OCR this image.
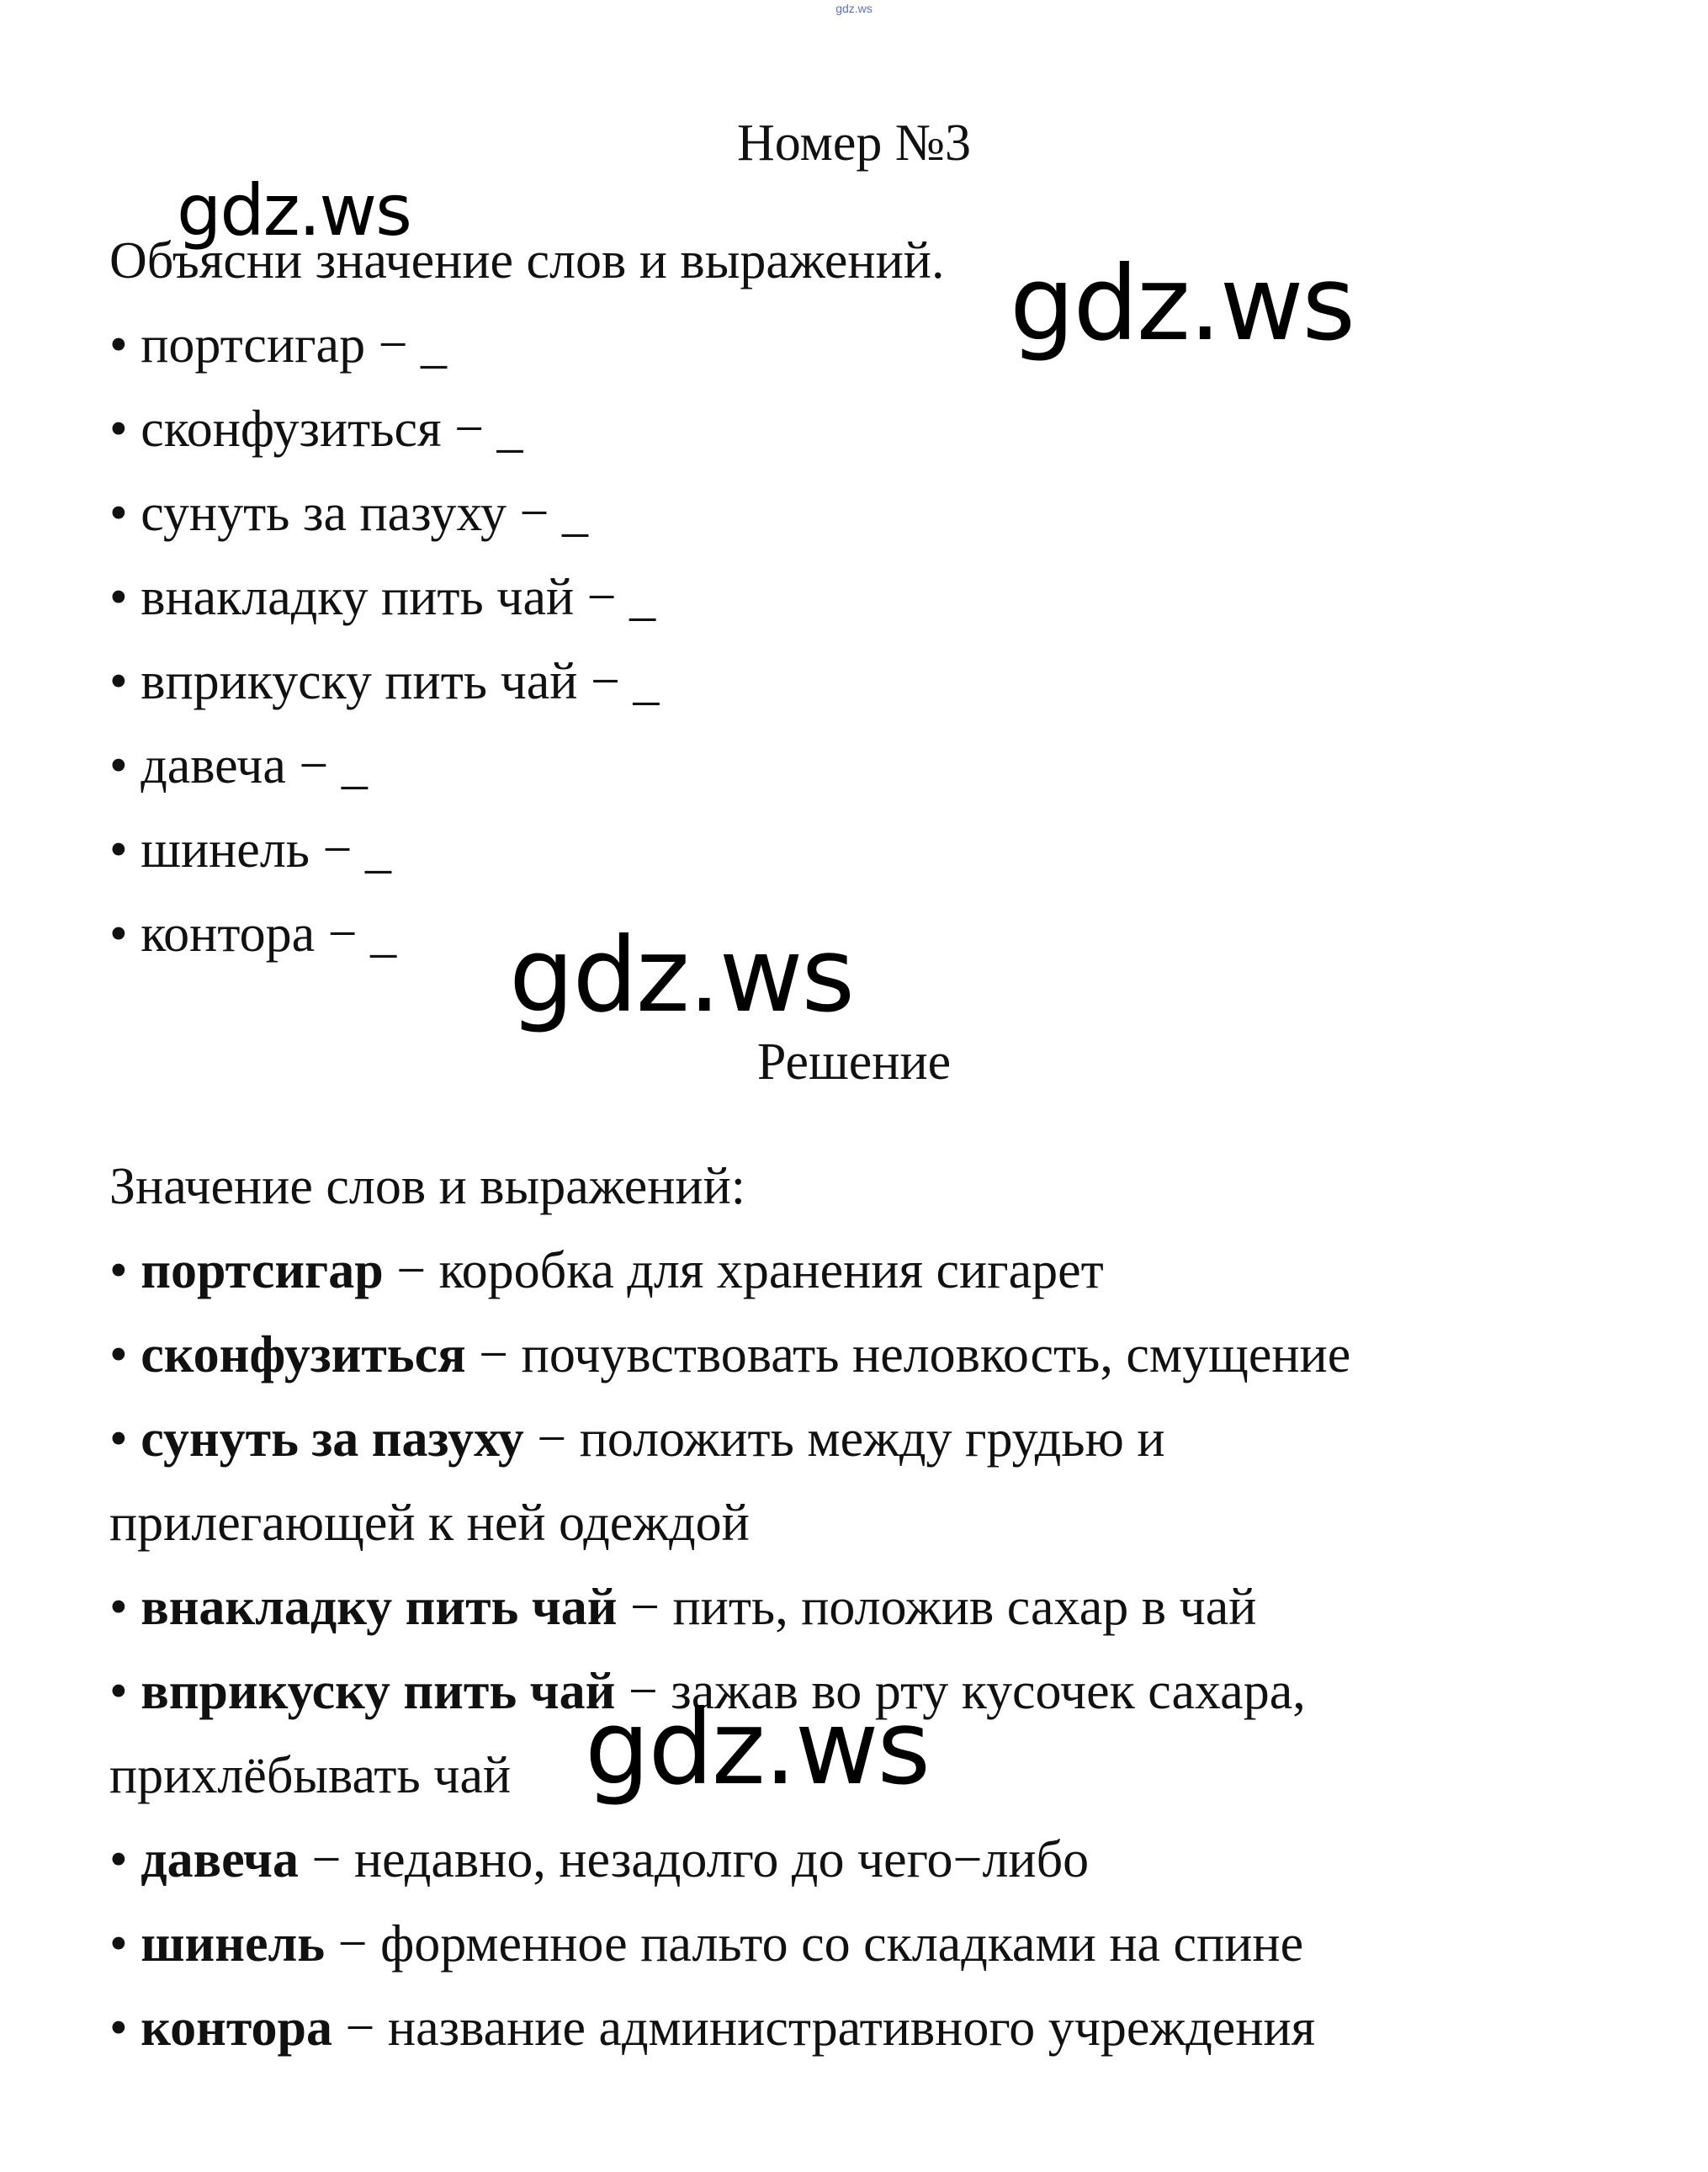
gdz.ws
Номер №3
Объясни значение слов и выражений.
• портсигар − _
• сконфузиться − _
• сунуть за пазуху − _
• внакладку пить чай − _
• вприкуску пить чай − _
• давеча − _
• шинель − _
• контора − _
Решение
Значение слов и выражений:
• портсигар − коробка для хранения сигарет
• сконфузиться − почувствовать неловкость, смущение
• сунуть за пазуху − положить между грудью и
прилегающей к ней одеждой
• внакладку пить чай − пить, положив сахар в чай
• вприкуску пить чай − зажав во рту кусочек сахара,
прихлёбывать чай
• давеча − недавно, незадолго до чего−либо
• шинель − форменное пальто со складками на спине
• контора − название административного учреждения
gdz.ws
gdz.ws
gdz.ws
gdz.ws
